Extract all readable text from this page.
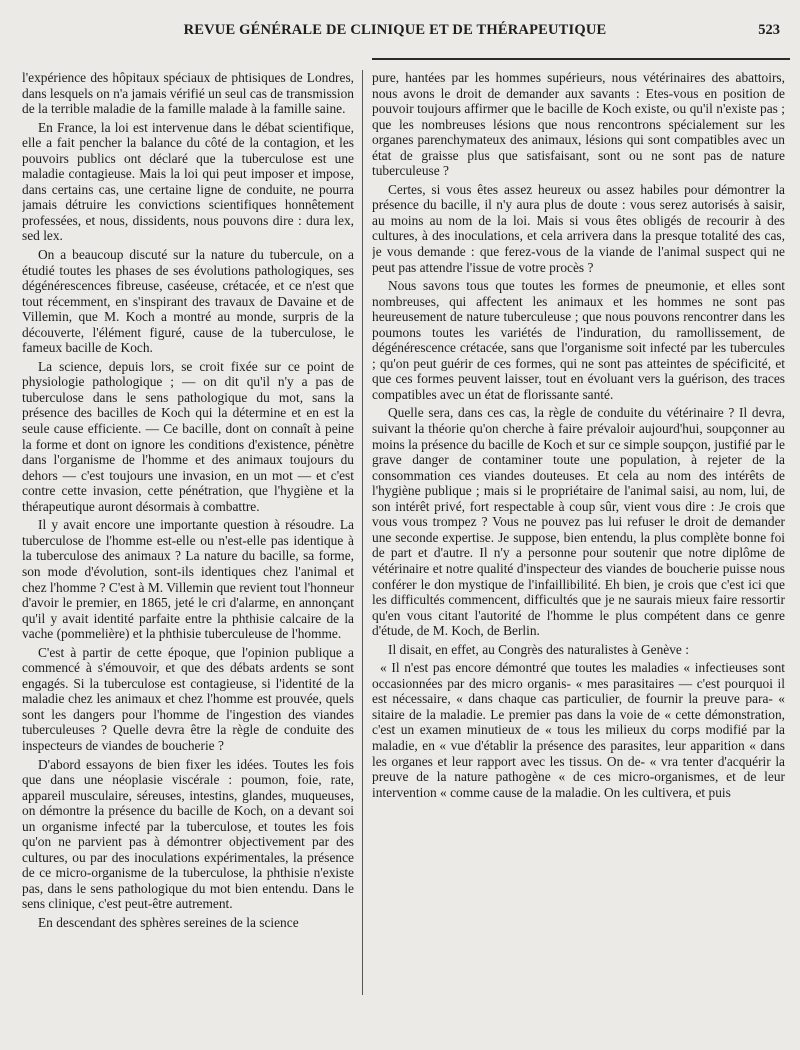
REVUE GÉNÉRALE DE CLINIQUE ET DE THÉRAPEUTIQUE	523

l'expérience des hôpitaux spéciaux de phtisiques de Londres, dans lesquels on n'a jamais vérifié un seul cas de transmission de la terrible maladie de la famille malade à la famille saine.

En France, la loi est intervenue dans le débat scientifique, elle a fait pencher la balance du côté de la contagion, et les pouvoirs publics ont déclaré que la tuberculose est une maladie contagieuse. Mais la loi qui peut imposer et impose, dans certains cas, une certaine ligne de conduite, ne pourra jamais détruire les convictions scientifiques honnêtement professées, et nous, dissidents, nous pouvons dire : dura lex, sed lex.

On a beaucoup discuté sur la nature du tubercule, on a étudié toutes les phases de ses évolutions pathologiques, ses dégénérescences fibreuse, caséeuse, crétacée, et ce n'est que tout récemment, en s'inspirant des travaux de Davaine et de Villemin, que M. Koch a montré au monde, surpris de la découverte, l'élément figuré, cause de la tuberculose, le fameux bacille de Koch.

La science, depuis lors, se croit fixée sur ce point de physiologie pathologique ; — on dit qu'il n'y a pas de tuberculose dans le sens pathologique du mot, sans la présence des bacilles de Koch qui la détermine et en est la seule cause efficiente. — Ce bacille, dont on connaît à peine la forme et dont on ignore les conditions d'existence, pénètre dans l'organisme de l'homme et des animaux toujours du dehors — c'est toujours une invasion, en un mot — et c'est contre cette invasion, cette pénétration, que l'hygiène et la thérapeutique auront désormais à combattre.

Il y avait encore une importante question à résoudre. La tuberculose de l'homme est-elle ou n'est-elle pas identique à la tuberculose des animaux ? La nature du bacille, sa forme, son mode d'évolution, sont-ils identiques chez l'animal et chez l'homme ? C'est à M. Villemin que revient tout l'honneur d'avoir le premier, en 1865, jeté le cri d'alarme, en annonçant qu'il y avait identité parfaite entre la phthisie calcaire de la vache (pommelière) et la phthisie tuberculeuse de l'homme.

C'est à partir de cette époque, que l'opinion publique a commencé à s'émouvoir, et que des débats ardents se sont engagés. Si la tuberculose est contagieuse, si l'identité de la maladie chez les animaux et chez l'homme est prouvée, quels sont les dangers pour l'homme de l'ingestion des viandes tuberculeuses ? Quelle devra être la règle de conduite des inspecteurs de viandes de boucherie ?

D'abord essayons de bien fixer les idées. Toutes les fois que dans une néoplasie viscérale : poumon, foie, rate, appareil musculaire, séreuses, intestins, glandes, muqueuses, on démontre la présence du bacille de Koch, on a devant soi un organisme infecté par la tuberculose, et toutes les fois qu'on ne parvient pas à démontrer objectivement par des cultures, ou par des inoculations expérimentales, la présence de ce micro-organisme de la tuberculose, la phthisie n'existe pas, dans le sens pathologique du mot bien entendu. Dans le sens clinique, c'est peut-être autrement.

En descendant des sphères sereines de la science

pure, hantées par les hommes supérieurs, nous vétérinaires des abattoirs, nous avons le droit de demander aux savants : Etes-vous en position de pouvoir toujours affirmer que le bacille de Koch existe, ou qu'il n'existe pas ; que les nombreuses lésions que nous rencontrons spécialement sur les organes parenchymateux des animaux, lésions qui sont compatibles avec un état de graisse plus que satisfaisant, sont ou ne sont pas de nature tuberculeuse ?

Certes, si vous êtes assez heureux ou assez habiles pour démontrer la présence du bacille, il n'y aura plus de doute : vous serez autorisés à saisir, au moins au nom de la loi. Mais si vous êtes obligés de recourir à des cultures, à des inoculations, et cela arrivera dans la presque totalité des cas, je vous demande : que ferez-vous de la viande de l'animal suspect qui ne peut pas attendre l'issue de votre procès ?

Nous savons tous que toutes les formes de pneumonie, et elles sont nombreuses, qui affectent les animaux et les hommes ne sont pas heureusement de nature tuberculeuse ; que nous pouvons rencontrer dans les poumons toutes les variétés de l'induration, du ramollissement, de dégénérescence crétacée, sans que l'organisme soit infecté par les tubercules ; qu'on peut guérir de ces formes, qui ne sont pas atteintes de spécificité, et que ces formes peuvent laisser, tout en évoluant vers la guérison, des traces compatibles avec un état de florissante santé.

Quelle sera, dans ces cas, la règle de conduite du vétérinaire ? Il devra, suivant la théorie qu'on cherche à faire prévaloir aujourd'hui, soupçonner au moins la présence du bacille de Koch et sur ce simple soupçon, justifié par le grave danger de contaminer toute une population, à rejeter de la consommation ces viandes douteuses. Et cela au nom des intérêts de l'hygiène publique ; mais si le propriétaire de l'animal saisi, au nom, lui, de son intérêt privé, fort respectable à coup sûr, vient vous dire : Je crois que vous vous trompez ? Vous ne pouvez pas lui refuser le droit de demander une seconde expertise. Je suppose, bien entendu, la plus complète bonne foi de part et d'autre. Il n'y a personne pour soutenir que notre diplôme de vétérinaire et notre qualité d'inspecteur des viandes de boucherie puisse nous conférer le don mystique de l'infaillibilité. Eh bien, je crois que c'est ici que les difficultés commencent, difficultés que je ne saurais mieux faire ressortir qu'en vous citant l'autorité de l'homme le plus compétent dans ce genre d'étude, de M. Koch, de Berlin.

Il disait, en effet, au Congrès des naturalistes à Genève :

« Il n'est pas encore démontré que toutes les maladies « infectieuses sont occasionnées par des micro organis- « mes parasitaires — c'est pourquoi il est nécessaire, « dans chaque cas particulier, de fournir la preuve para- « sitaire de la maladie. Le premier pas dans la voie de « cette démonstration, c'est un examen minutieux de « tous les milieux du corps modifié par la maladie, en « vue d'établir la présence des parasites, leur apparition « dans les organes et leur rapport avec les tissus. On de- « vra tenter d'acquérir la preuve de la nature pathogène « de ces micro-organismes, et de leur intervention « comme cause de la maladie. On les cultivera, et puis
